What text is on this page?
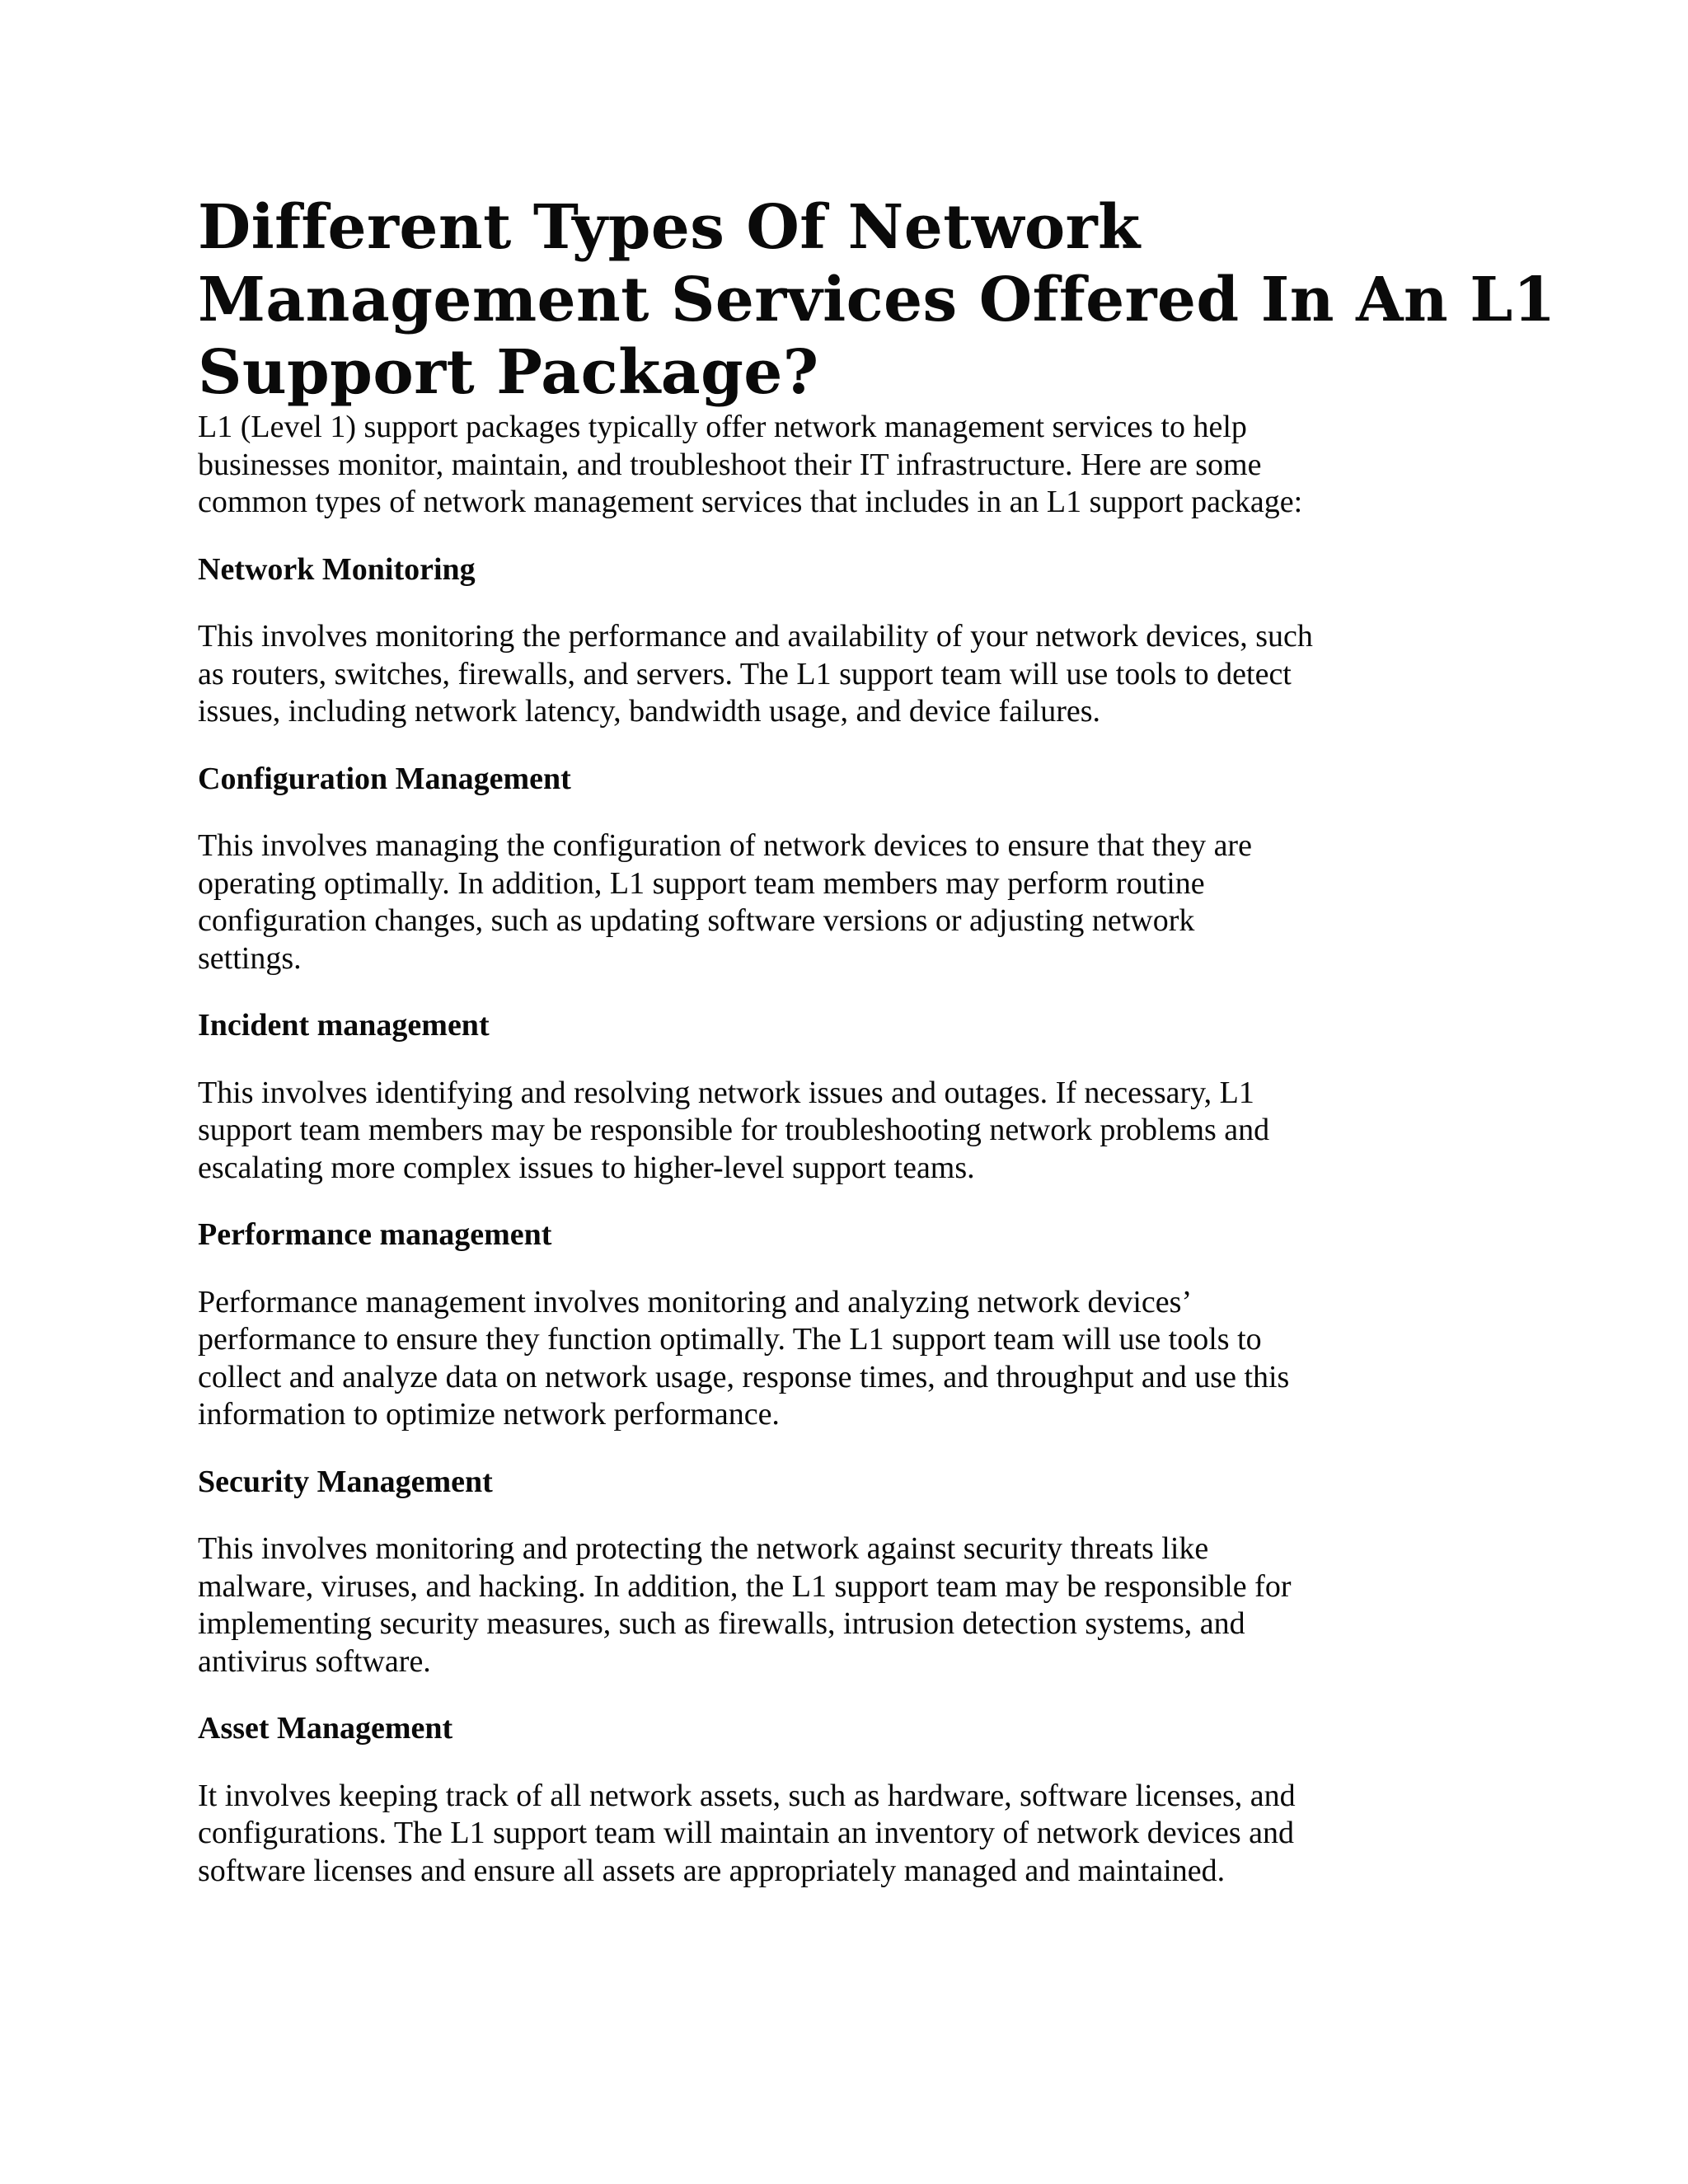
Different Types Of Network
Management Services Offered In An L1
Support Package?

L1 (Level 1) support packages typically offer network management services to help
businesses monitor, maintain, and troubleshoot their IT infrastructure. Here are some
common types of network management services that includes in an L1 support package:

Network Monitoring

This involves monitoring the performance and availability of your network devices, such
as routers, switches, firewalls, and servers. The L1 support team will use tools to detect
issues, including network latency, bandwidth usage, and device failures.

Configuration Management

This involves managing the configuration of network devices to ensure that they are
operating optimally. In addition, L1 support team members may perform routine
configuration changes, such as updating software versions or adjusting network
settings.

Incident management

This involves identifying and resolving network issues and outages. If necessary, L1
support team members may be responsible for troubleshooting network problems and
escalating more complex issues to higher-level support teams.

Performance management

Performance management involves monitoring and analyzing network devices’
performance to ensure they function optimally. The L1 support team will use tools to
collect and analyze data on network usage, response times, and throughput and use this
information to optimize network performance.

Security Management

This involves monitoring and protecting the network against security threats like
malware, viruses, and hacking. In addition, the L1 support team may be responsible for
implementing security measures, such as firewalls, intrusion detection systems, and
antivirus software.

Asset Management

It involves keeping track of all network assets, such as hardware, software licenses, and
configurations. The L1 support team will maintain an inventory of network devices and
software licenses and ensure all assets are appropriately managed and maintained.
